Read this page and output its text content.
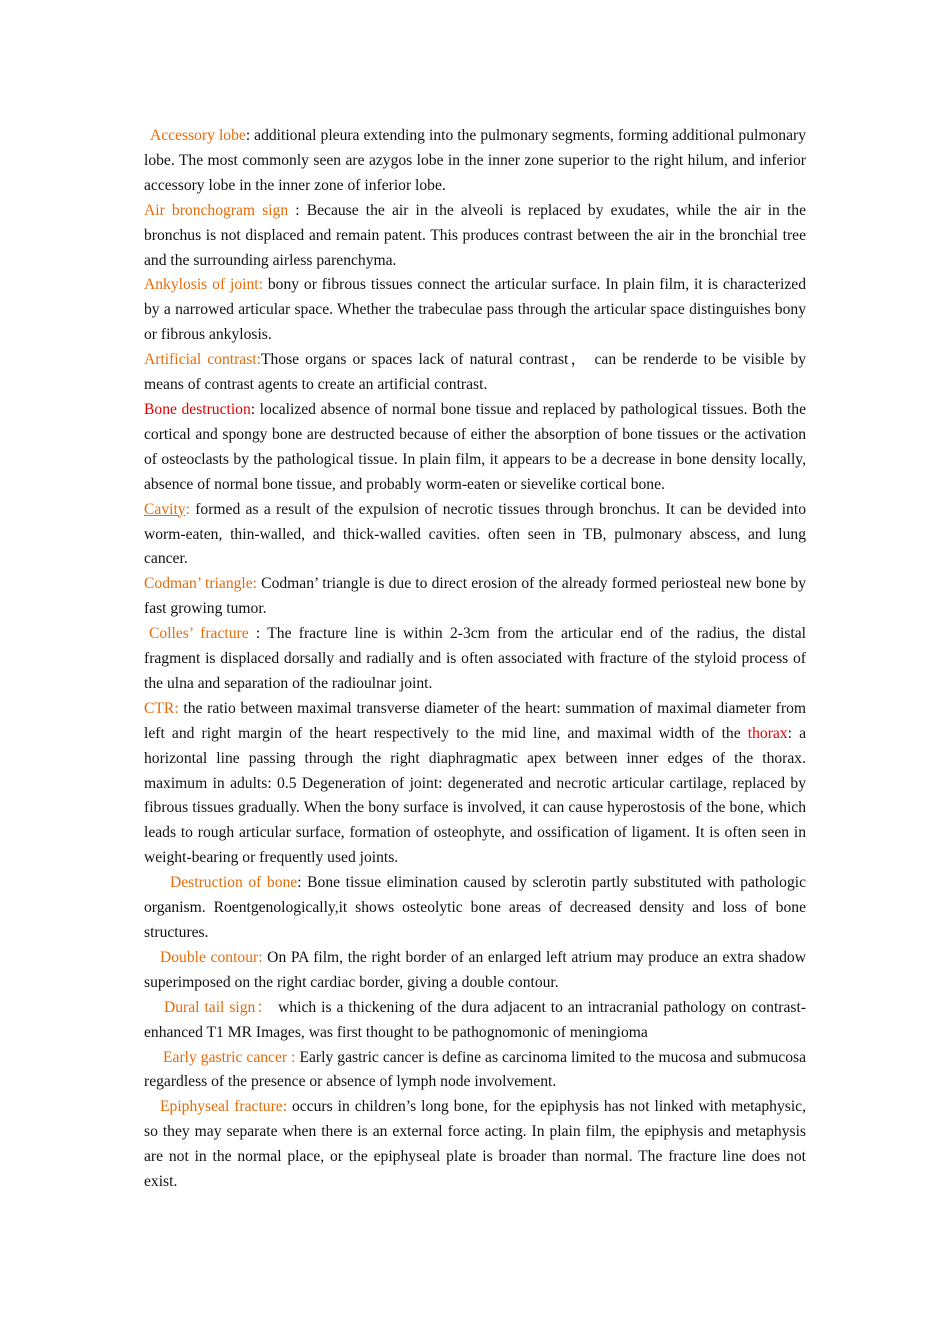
Accessory lobe: additional pleura extending into the pulmonary segments, forming additional pulmonary lobe. The most commonly seen are azygos lobe in the inner zone superior to the right hilum, and inferior accessory lobe in the inner zone of inferior lobe.

Air bronchogram sign : Because the air in the alveoli is replaced by exudates, while the air in the bronchus is not displaced and remain patent. This produces contrast between the air in the bronchial tree and the surrounding airless parenchyma.

Ankylosis of joint: bony or fibrous tissues connect the articular surface. In plain film, it is characterized by a narrowed articular space. Whether the trabeculae pass through the articular space distinguishes bony or fibrous ankylosis.

Artificial contrast:Those organs or spaces lack of natural contrast， can be renderde to be visible by means of contrast agents to create an artificial contrast.

Bone destruction: localized absence of normal bone tissue and replaced by pathological tissues. Both the cortical and spongy bone are destructed because of either the absorption of bone tissues or the activation of osteoclasts by the pathological tissue. In plain film, it appears to be a decrease in bone density locally, absence of normal bone tissue, and probably worm-eaten or sievelike cortical bone.

Cavity: formed as a result of the expulsion of necrotic tissues through bronchus. It can be devided into worm-eaten, thin-walled, and thick-walled cavities. often seen in TB, pulmonary abscess, and lung cancer.

Codman’ triangle: Codman’ triangle is due to direct erosion of the already formed periosteal new bone by fast growing tumor.

Colles’ fracture : The fracture line is within 2-3cm from the articular end of the radius, the distal fragment is displaced dorsally and radially and is often associated with fracture of the styloid process of the ulna and separation of the radioulnar joint.

CTR: the ratio between maximal transverse diameter of the heart: summation of maximal diameter from left and right margin of the heart respectively to the mid line, and maximal width of the thorax: a horizontal line passing through the right diaphragmatic apex between inner edges of the thorax. maximum in adults: 0.5 Degeneration of joint: degenerated and necrotic articular cartilage, replaced by fibrous tissues gradually. When the bony surface is involved, it can cause hyperostosis of the bone, which leads to rough articular surface, formation of osteophyte, and ossification of ligament. It is often seen in weight-bearing or frequently used joints.

Destruction of bone: Bone tissue elimination caused by sclerotin partly substituted with pathologic organism. Roentgenologically,it shows osteolytic bone areas of decreased density and loss of bone structures.

Double contour: On PA film, the right border of an enlarged left atrium may produce an extra shadow superimposed on the right cardiac border, giving a double contour.

Dural tail sign： which is a thickening of the dura adjacent to an intracranial pathology on contrast-enhanced T1 MR Images, was first thought to be pathognomonic of meningioma

Early gastric cancer : Early gastric cancer is define as carcinoma limited to the mucosa and submucosa regardless of the presence or absence of lymph node involvement.

Epiphyseal fracture: occurs in children’s long bone, for the epiphysis has not linked with metaphysic, so they may separate when there is an external force acting. In plain film, the epiphysis and metaphysis are not in the normal place, or the epiphyseal plate is broader than normal. The fracture line does not exist.
